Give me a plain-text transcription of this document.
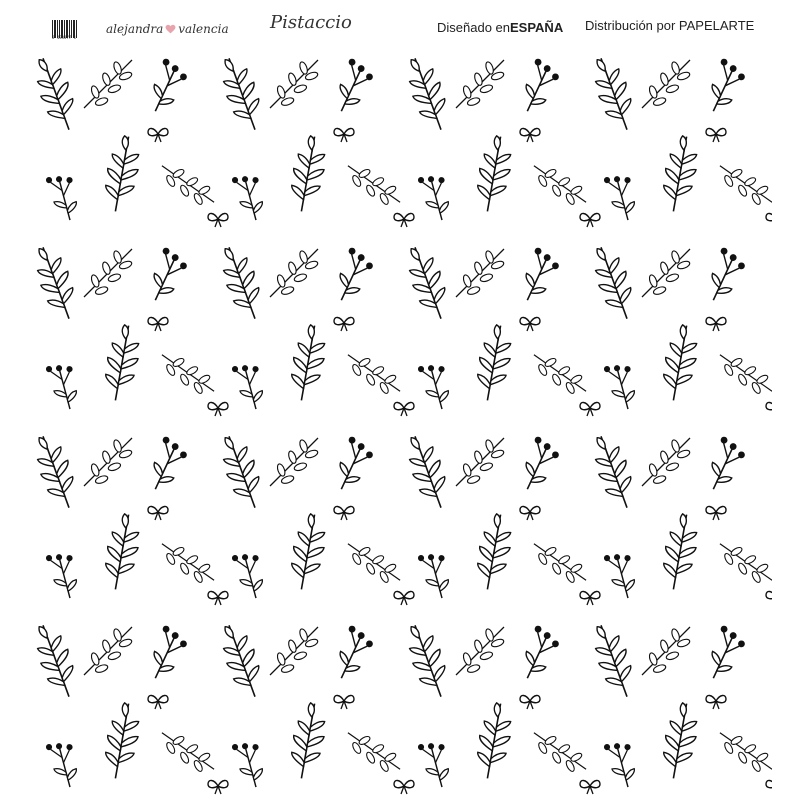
8 433377 1
alejandra valencia Pistaccio	Diseñado enESPAÑA Distribución por PAPELARTE
